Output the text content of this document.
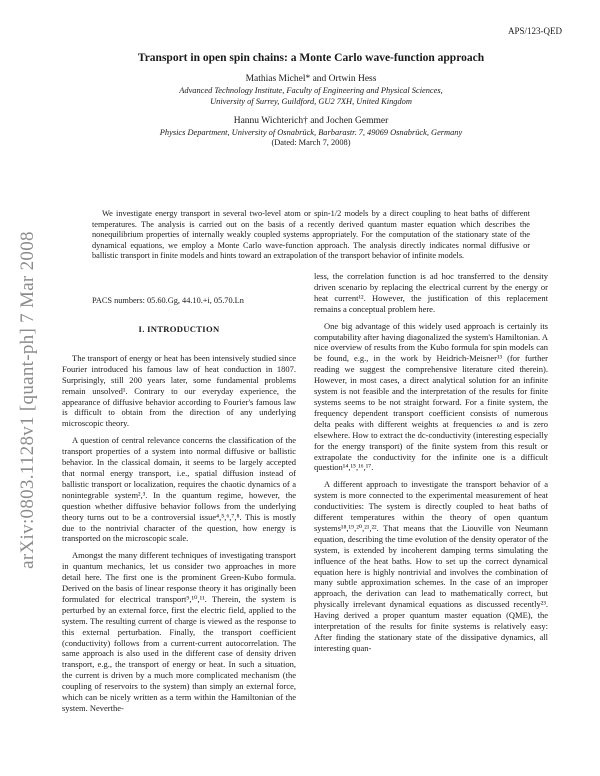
APS/123-QED
arXiv:0803.1128v1 [quant-ph] 7 Mar 2008

Transport in open spin chains: a Monte Carlo wave-function approach

Mathias Michel* and Ortwin Hess

Advanced Technology Institute, Faculty of Engineering and Physical Sciences,

University of Surrey, Guildford, GU2 7XH, United Kingdom

Hannu Wichterich† and Jochen Gemmer

Physics Department, University of Osnabrück, Barbarastr. 7, 49069 Osnabrück, Germany

(Dated: March 7, 2008)

We investigate energy transport in several two-level atom or spin-1/2 models by a direct coupling to heat baths of different temperatures. The analysis is carried out on the basis of a recently derived quantum master equation which describes the nonequilibrium properties of internally weakly coupled systems appropriately. For the computation of the stationary state of the dynamical equations, we employ a Monte Carlo wave-function approach. The analysis directly indicates normal diffusive or ballistic transport in finite models and hints toward an extrapolation of the transport behavior of infinite models.

PACS numbers: 05.60.Gg, 44.10.+i, 05.70.Ln
I. INTRODUCTION

The transport of energy or heat has been intensively studied since Fourier introduced his famous law of heat conduction in 1807. Surprisingly, still 200 years later, some fundamental problems remain unsolved¹. Contrary to our everyday experience, the appearance of diffusive behavior according to Fourier's famous law is difficult to obtain from the direction of any underlying microscopic theory.

A question of central relevance concerns the classification of the transport properties of a system into normal diffusive or ballistic behavior. In the classical domain, it seems to be largely accepted that normal energy transport, i.e., spatial diffusion instead of ballistic transport or localization, requires the chaotic dynamics of a nonintegrable system²,³. In the quantum regime, however, the question whether diffusive behavior follows from the underlying theory turns out to be a controversial issue⁴,⁵,⁶,⁷,⁸. This is mostly due to the nontrivial character of the question, how energy is transported on the microscopic scale.

Amongst the many different techniques of investigating transport in quantum mechanics, let us consider two approaches in more detail here. The first one is the prominent Green-Kubo formula. Derived on the basis of linear response theory it has originally been formulated for electrical transport⁹,¹⁰,¹¹. Therein, the system is perturbed by an external force, first the electric field, applied to the system. The resulting current of charge is viewed as the response to this external perturbation. Finally, the transport coefficient (conductivity) follows from a current-current autocorrelation. The same approach is also used in the different case of density driven transport, e.g., the transport of energy or heat. In such a situation, the current is driven by a much more complicated mechanism (the coupling of reservoirs to the system) than simply an external force, which can be nicely written as a term within the Hamiltonian of the system. Neverthe-

less, the correlation function is ad hoc transferred to the density driven scenario by replacing the electrical current by the energy or heat current¹². However, the justification of this replacement remains a conceptual problem here.

One big advantage of this widely used approach is certainly its computability after having diagonalized the system's Hamiltonian. A nice overview of results from the Kubo formula for spin models can be found, e.g., in the work by Heidrich-Meisner¹³ (for further reading we suggest the comprehensive literature cited therein). However, in most cases, a direct analytical solution for an infinite system is not feasible and the interpretation of the results for finite systems seems to be not straight forward. For a finite system, the frequency dependent transport coefficient consists of numerous delta peaks with different weights at frequencies ω and is zero elsewhere. How to extract the dc-conductivity (interesting especially for the energy transport) of the finite system from this result or extrapolate the conductivity for the infinite one is a difficult question¹⁴,¹⁵,¹⁶,¹⁷.

A different approach to investigate the transport behavior of a system is more connected to the experimental measurement of heat conductivities: The system is directly coupled to heat baths of different temperatures within the theory of open quantum systems¹⁸,¹⁹,²⁰,²¹,²². That means that the Liouville von Neumann equation, describing the time evolution of the density operator of the system, is extended by incoherent damping terms simulating the influence of the heat baths. How to set up the correct dynamical equation here is highly nontrivial and involves the combination of many subtle approximation schemes. In the case of an improper approach, the derivation can lead to mathematically correct, but physically irrelevant dynamical equations as discussed recently²³. Having derived a proper quantum master equation (QME), the interpretation of the results for finite systems is relatively easy: After finding the stationary state of the dissipative dynamics, all interesting quan-
